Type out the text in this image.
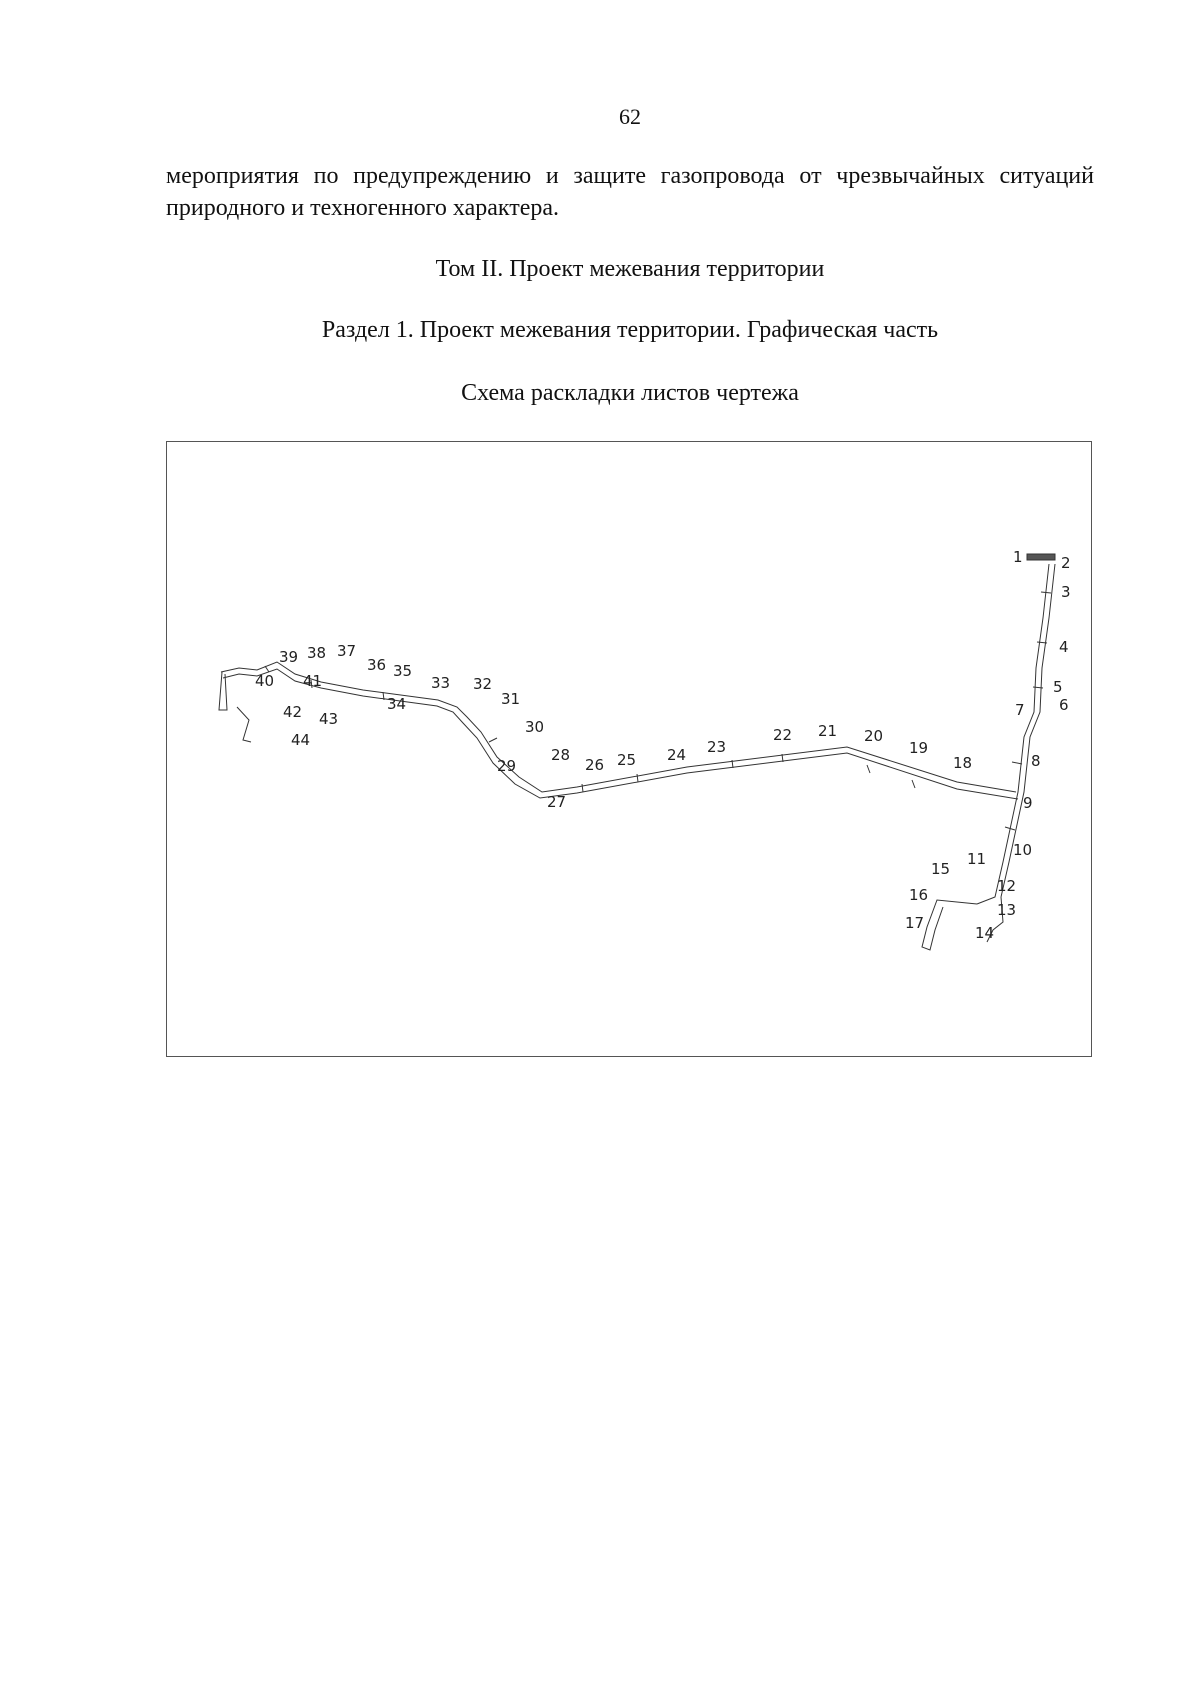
62

мероприятия по предупреждению и защите газопровода от чрезвычайных ситуаций природного и техногенного характера.

Том II. Проект межевания территории
Раздел 1. Проект межевания территории. Графическая часть
Схема раскладки листов чертежа
1	2
3
4
5
6
7
8
9
10
11
12
13
14
15
16
17
18
19
20
21
22
23
24
25
26
27
28
29
30
31
32
33
34
35
36
37
38
39
40 41
42 43
44
